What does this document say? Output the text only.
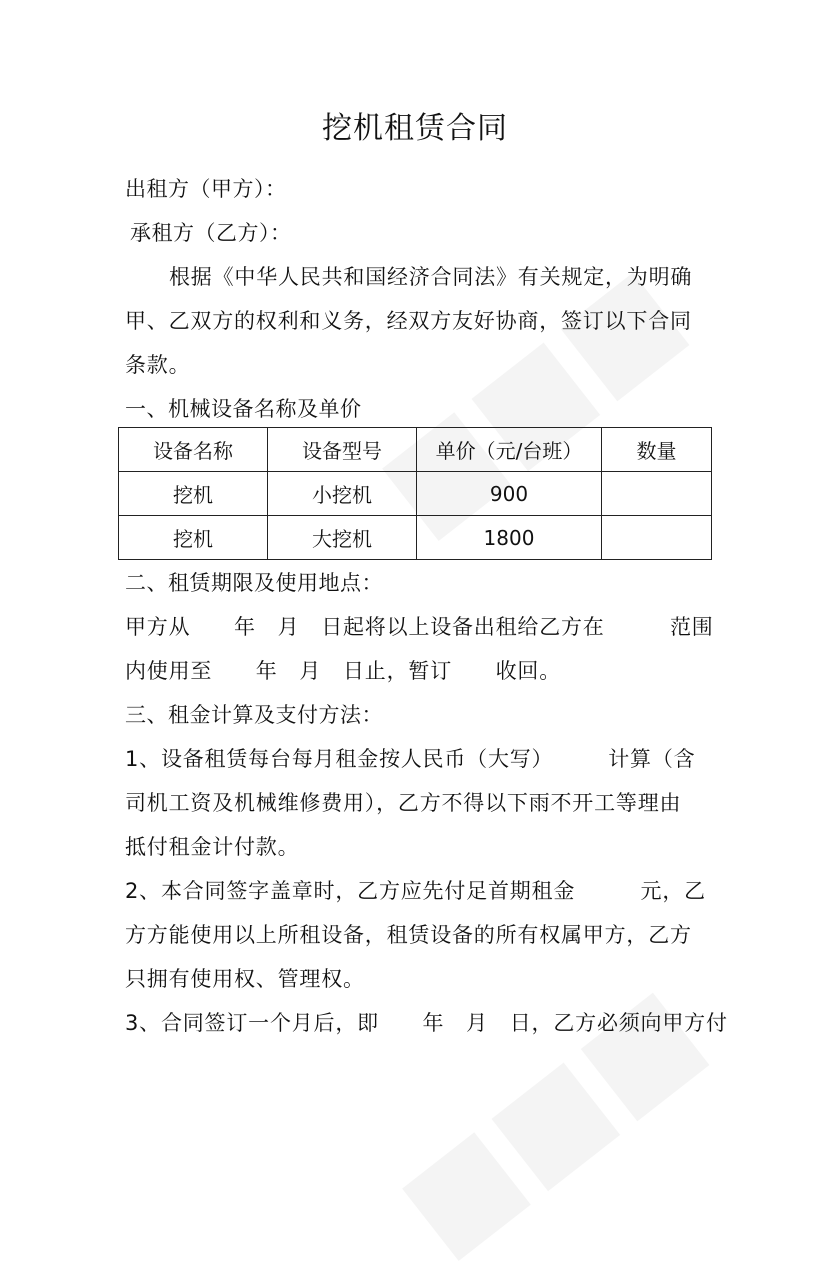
挖机租赁合同
出租方（甲方）：
承租方（乙方）：
根据《中华人民共和国经济合同法》有关规定，为明确
甲、乙双方的权利和义务，经双方友好协商，签订以下合同
条款。
一、机械设备名称及单价
设备名称	设备型号	单价（元/台班）	数量
挖机	小挖机	900	
挖机	大挖机	1800	
二、租赁期限及使用地点：
甲方从　　年　月　日起将以上设备出租给乙方在　　　范围
内使用至　　年　月　日止，暂订　　收回。
三、租金计算及支付方法：
1、设备租赁每台每月租金按人民币（大写）　　　计算（含
司机工资及机械维修费用），乙方不得以下雨不开工等理由
抵付租金计付款。
2、本合同签字盖章时，乙方应先付足首期租金　　　元，乙
方方能使用以上所租设备，租赁设备的所有权属甲方，乙方
只拥有使用权、管理权。
3、合同签订一个月后，即　　年　月　日，乙方必须向甲方付
